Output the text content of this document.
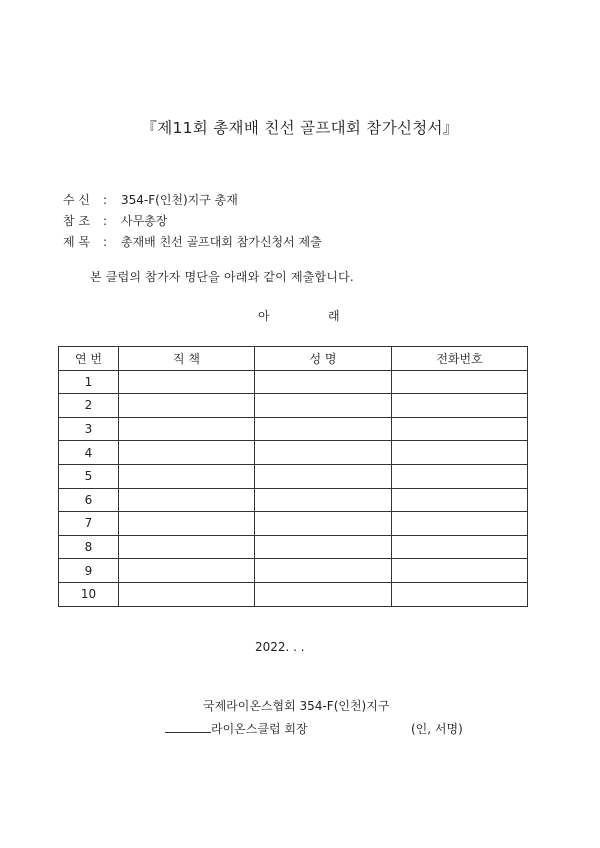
『제11회 총재배 친선 골프대회 참가신청서』
수 신 : 354-F(인천)지구 총재
참 조 : 사무총장
제 목 : 총재배 친선 골프대회 참가신청서 제출
본 클럽의 참가자 명단을 아래와 같이 제출합니다.
아	래
연 번	직 책	성 명	전화번호
1			
2			
3			
4			
5			
6			
7			
8			
9			
10			
2022. . .
국제라이온스협회 354-F(인천)지구
라이온스클럽 회장	(인, 서명)
